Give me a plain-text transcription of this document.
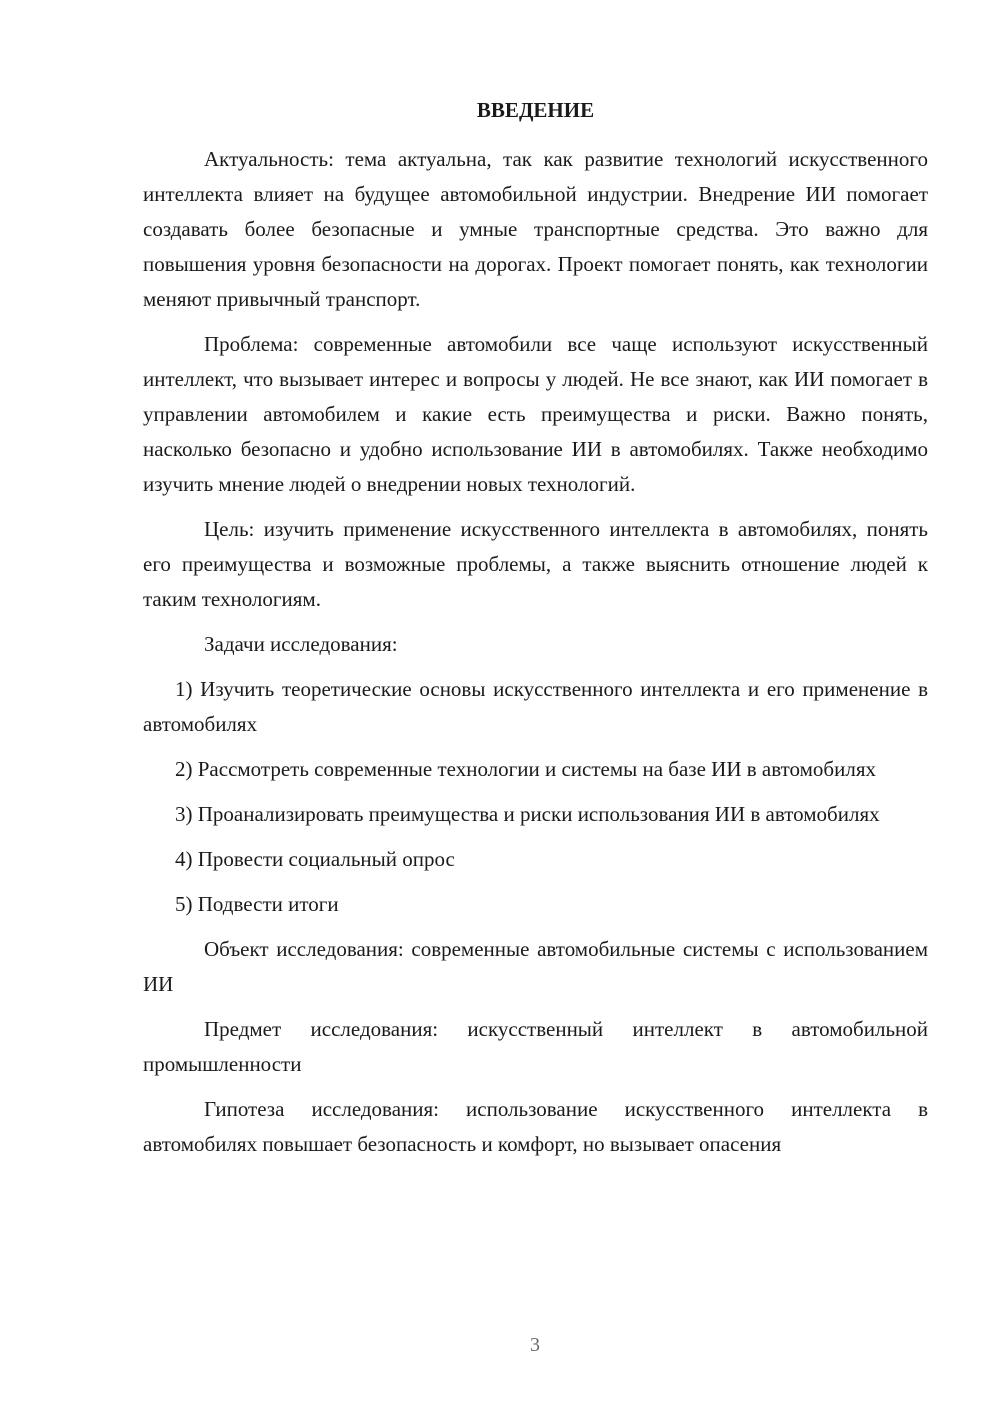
ВВЕДЕНИЕ

Актуальность: тема актуальна, так как развитие технологий искусственного интеллекта влияет на будущее автомобильной индустрии. Внедрение ИИ помогает создавать более безопасные и умные транспортные средства. Это важно для повышения уровня безопасности на дорогах. Проект помогает понять, как технологии меняют привычный транспорт.

Проблема: современные автомобили все чаще используют искусственный интеллект, что вызывает интерес и вопросы у людей. Не все знают, как ИИ помогает в управлении автомобилем и какие есть преимущества и риски. Важно понять, насколько безопасно и удобно использование ИИ в автомобилях. Также необходимо изучить мнение людей о внедрении новых технологий.

Цель: изучить применение искусственного интеллекта в автомобилях, понять его преимущества и возможные проблемы, а также выяснить отношение людей к таким технологиям.

Задачи исследования:

1) Изучить теоретические основы искусственного интеллекта и его применение в автомобилях

2) Рассмотреть современные технологии и системы на базе ИИ в автомобилях

3) Проанализировать преимущества и риски использования ИИ в автомобилях

4) Провести социальный опрос

5) Подвести итоги

Объект исследования: современные автомобильные системы с использованием ИИ

Предмет исследования: искусственный интеллект в автомобильной промышленности

Гипотеза исследования: использование искусственного интеллекта в автомобилях повышает безопасность и комфорт, но вызывает опасения

3
